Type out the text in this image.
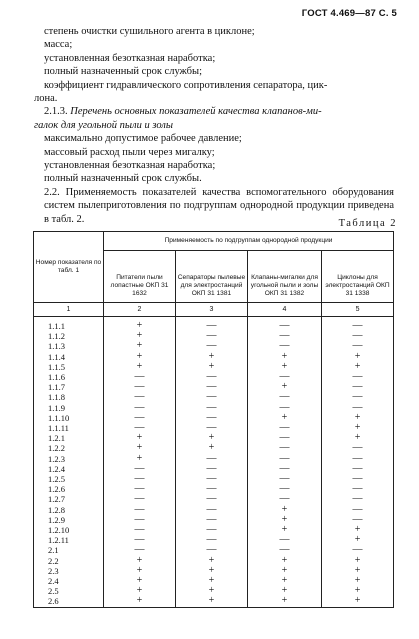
ГОСТ 4.469—87 С. 5
степень очистки сушильного агента в циклоне;
масса;
установленная безотказная наработка;
полный назначенный срок службы;
коэффициент гидравлического сопротивления сепаратора, цик-
лона.
2.1.3. Перечень основных показателей качества клапанов-ми-
галок для угольной пыли и золы
максимально допустимое рабочее давление;
массовый расход пыли через мигалку;
установленная безотказная наработка;
полный назначенный срок службы.
2.2. Применяемость показателей качества вспомогательного оборудования систем пылеприготовления по подгруппам однородной продукции приведена в табл. 2.	Таблица 2
Номер показателя по табл. 1	Применяемость по подгруппам однородной продукции			
	Питатели пыли лопастные ОКП 31 1632	Сепараторы пылевые для электростанций ОКП 31 1381	Клапаны-мигалки для угольной пыли и золы ОКП 31 1382	Циклоны для электростанций ОКП 31 1338
1	2	3	4	5
1.1.1	+	—	—	—
1.1.2	+	—	—	—
1.1.3	+	—	—	—
1.1.4	+	+	+	+
1.1.5	+	+	+	+
1.1.6	—	—	—	—
1.1.7	—	—	+	—
1.1.8	—	—	—	—
1.1.9	—	—	—	—
1.1.10	—	—	+	+
1.1.11	—	—	—	+
1.2.1	+	+	—	+
1.2.2	+	+	—	—
1.2.3	+	—	—	—
1.2.4	—	—	—	—
1.2.5	—	—	—	—
1.2.6	—	—	—	—
1.2.7	—	—	—	—
1.2.8	—	—	+	—
1.2.9	—	—	+	—
1.2.10	—	—	+	+
1.2.11	—	—	—	+
2.1	—	—	—	—
2.2	+	+	+	+
2.3	+	+	+	+
2.4	+	+	+	+
2.5	+	+	+	+
2.6	+	+	+	+
